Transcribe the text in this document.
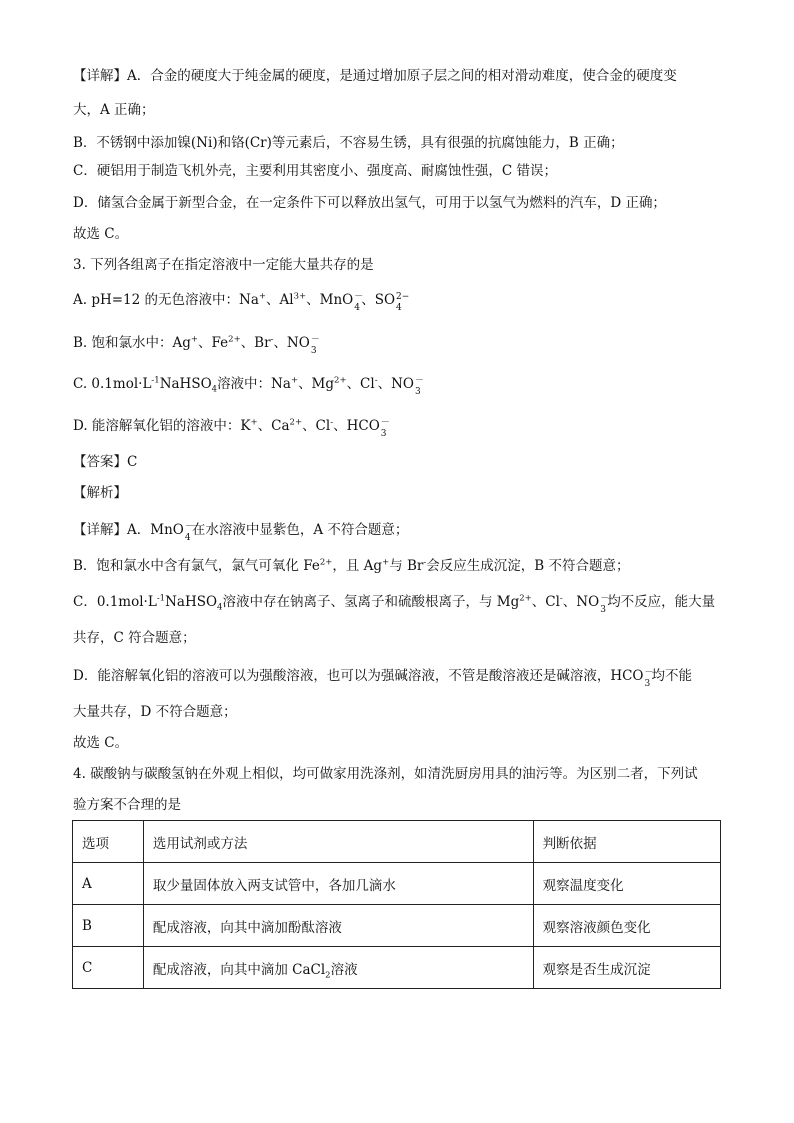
【详解】A．合金的硬度大于纯金属的硬度，是通过增加原子层之间的相对滑动难度，使合金的硬度变
大，A 正确；
B．不锈钢中添加镍(Ni)和铬(Cr)等元素后，不容易生锈，具有很强的抗腐蚀能力，B 正确；
C．硬铝用于制造飞机外壳，主要利用其密度小、强度高、耐腐蚀性强，C 错误；
D．储氢合金属于新型合金，在一定条件下可以释放出氢气，可用于以氢气为燃料的汽车，D 正确；
故选 C。
3. 下列各组离子在指定溶液中一定能大量共存的是
A. pH=12 的无色溶液中：Na+、$Al^{3+}$、MnO －
4 、SO 2−
4
B. 饱和氯水中：Ag+、$Fe^{2+}$、Br-、NO －
3
C. $0.1mol\cdot L^{-1}NaHSO_4$溶液中：Na+、$Mg^{2+}$、Cl-、NO －
3
D. 能溶解氧化铝的溶液中：K+、$Ca^{2+}$、Cl-、HCO －
3
【答案】C
【解析】
【详解】A．MnO －
4 在水溶液中显紫色，A 不符合题意；
B．饱和氯水中含有氯气，氯气可氧化 $Fe^{2+}$，且 Ag+与 Br-会反应生成沉淀，B 不符合题意；
C．$0.1mol\cdot L^{-1}NaHSO_4$溶液中存在钠离子、氢离子和硫酸根离子，与 $Mg^{2+}$、Cl-、NO －
3 均不反应，能大量
共存，C 符合题意；
D．能溶解氧化铝的溶液可以为强酸溶液，也可以为强碱溶液，不管是酸溶液还是碱溶液，HCO －
3 均不能
大量共存，D 不符合题意；
故选 C。
4. 碳酸钠与碳酸氢钠在外观上相似，均可做家用洗涤剂，如清洗厨房用具的油污等。为区别二者，下列试
验方案不合理的是
选项	选用试剂或方法	判断依据
A	取少量固体放入两支试管中，各加几滴水	观察温度变化
B	配成溶液，向其中滴加酚酞溶液	观察溶液颜色变化
C	配成溶液，向其中滴加 CaCl$_2$溶液	观察是否生成沉淀
